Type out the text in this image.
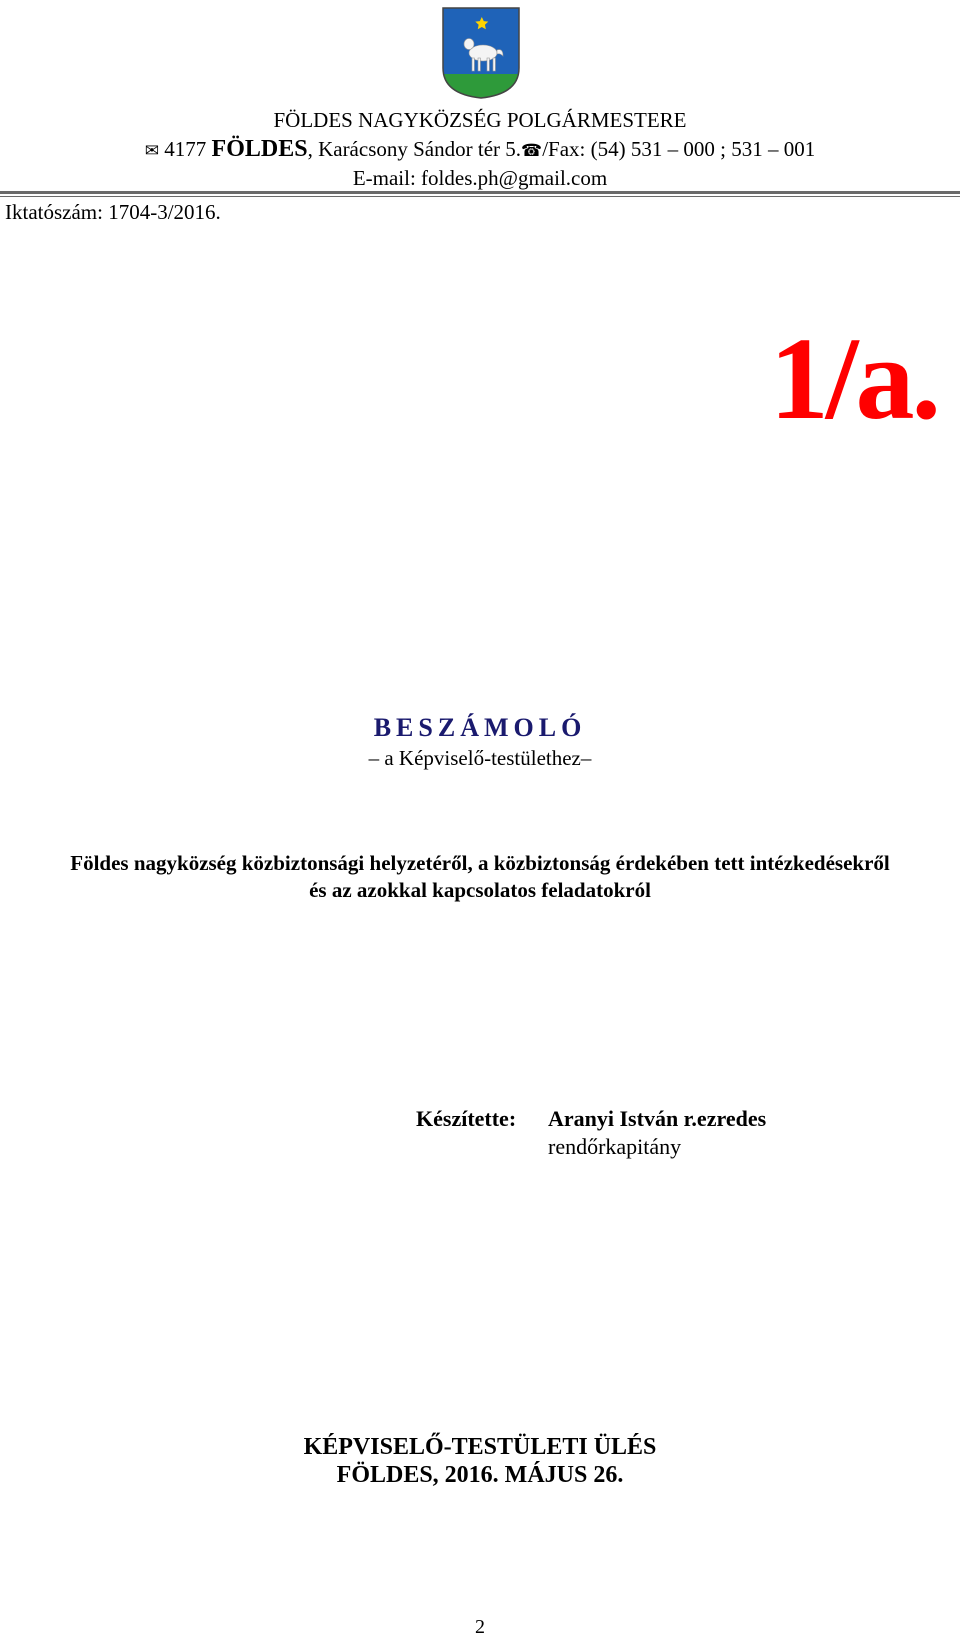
FÖLDES NAGYKÖZSÉG POLGÁRMESTERE
✉ 4177 FÖLDES, Karácsony Sándor tér 5.☎/Fax: (54) 531 – 000 ; 531 – 001
E-mail: foldes.ph@gmail.com
Iktatószám: 1704-3/2016.
1/a.
BESZÁMOLÓ
– a Képviselő-testülethez–
Földes nagyközség közbiztonsági helyzetéről, a közbiztonság érdekében tett intézkedésekről
és az azokkal kapcsolatos feladatokról
Készítette: Aranyi István r.ezredes
rendőrkapitány
KÉPVISELŐ-TESTÜLETI ÜLÉS
FÖLDES, 2016. MÁJUS 26.
2
